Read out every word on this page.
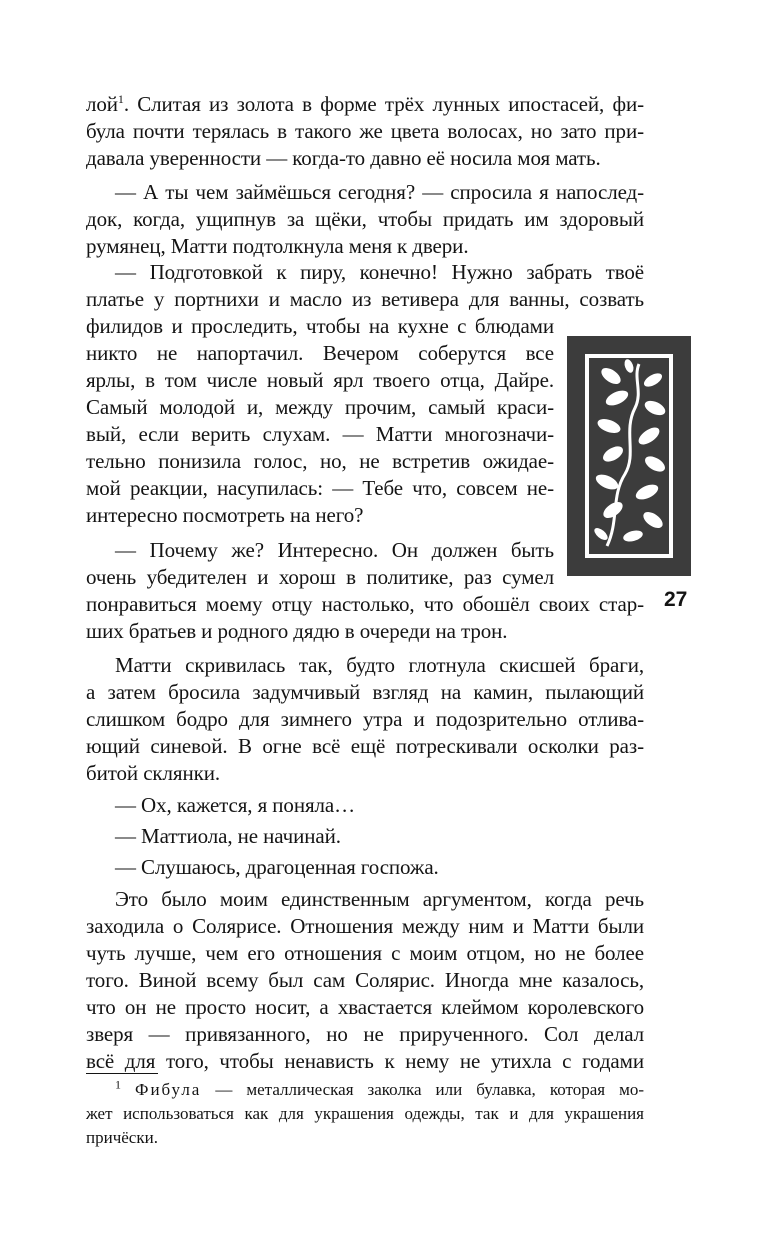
лой$^1$. Слитая из золота в форме трёх лунных ипостасей, фи-
була почти терялась в такого же цвета волосах, но зато при-
давала уверенности — когда-то давно её носила моя мать.
— А ты чем займёшься сегодня? — спросила я напослед-
док, когда, ущипнув за щёки, чтобы придать им здоровый
румянец, Матти подтолкнула меня к двери.
— Подготовкой к пиру, конечно! Нужно забрать твоё
платье у портнихи и масло из ветивера для ванны, созвать
филидов и проследить, чтобы на кухне с блюдами
никто не напортачил. Вечером соберутся все
ярлы, в том числе новый ярл твоего отца, Дайре.
Самый молодой и, между прочим, самый краси-
вый, если верить слухам. — Матти многозначи-
тельно понизила голос, но, не встретив ожидае-
мой реакции, насупилась: — Тебе что, совсем не-
интересно посмотреть на него?
— Почему же? Интересно. Он должен быть
очень убедителен и хорош в политике, раз сумел
понравиться моему отцу настолько, что обошёл своих стар-
ших братьев и родного дядю в очереди на трон.
Матти скривилась так, будто глотнула скисшей браги,
а затем бросила задумчивый взгляд на камин, пылающий
слишком бодро для зимнего утра и подозрительно отлива-
ющий синевой. В огне всё ещё потрескивали осколки раз-
битой склянки.
— Ох, кажется, я поняла…
— Маттиола, не начинай.
— Слушаюсь, драгоценная госпожа.
Это было моим единственным аргументом, когда речь
заходила о Солярисе. Отношения между ним и Матти были
чуть лучше, чем его отношения с моим отцом, но не более
того. Виной всему был сам Солярис. Иногда мне казалось,
что он не просто носит, а хвастается клеймом королевского
зверя — привязанного, но не прирученного. Сол делал
всё для того, чтобы ненависть к нему не утихла с годами
27
$^1$ Фибула — металлическая заколка или булавка, которая мо-
жет использоваться как для украшения одежды, так и для украшения
причёски.
